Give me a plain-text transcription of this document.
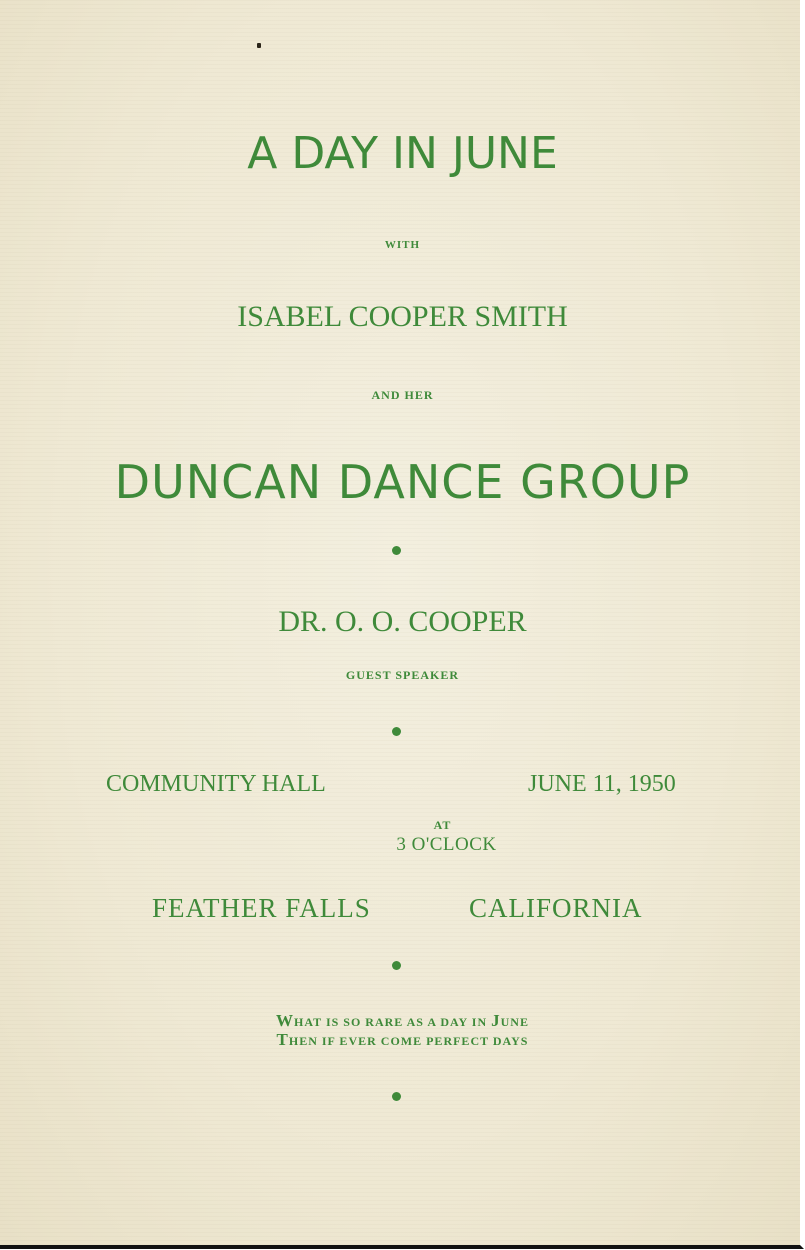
A DAY IN JUNE
WITH
ISABEL COOPER SMITH
AND HER
DUNCAN DANCE GROUP
DR. O. O. COOPER
GUEST SPEAKER
COMMUNITY HALL	JUNE 11, 1950
AT
3 O'CLOCK
FEATHER FALLS	CALIFORNIA
WHAT IS SO RARE AS A DAY IN JUNE
THEN IF EVER COME PERFECT DAYS
